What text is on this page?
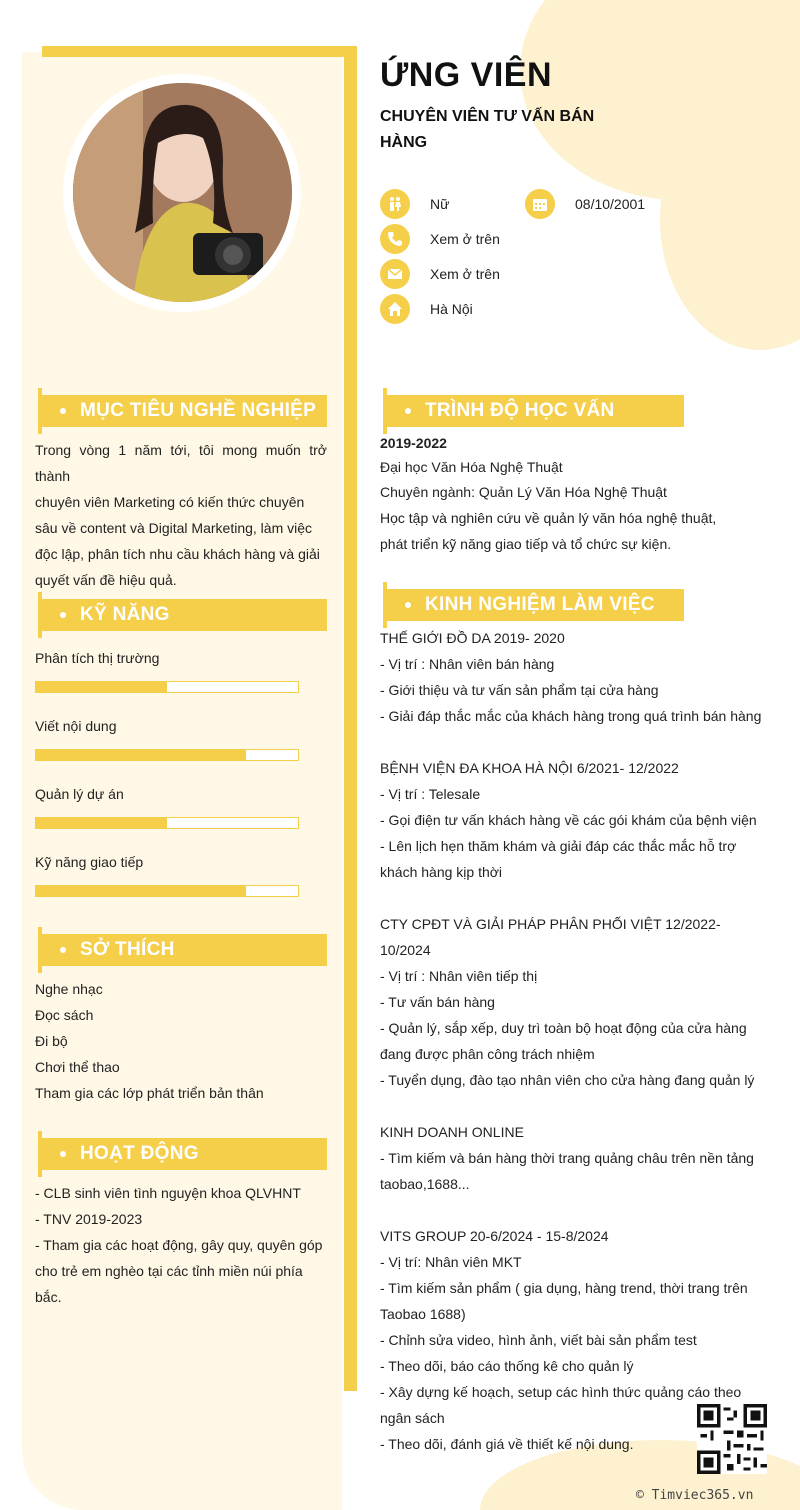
ỨNG VIÊN
CHUYÊN VIÊN TƯ VẤN BÁN
HÀNG
Nữ	08/10/2001
Xem ở trên
Xem ở trên
Hà Nội
MỤC TIÊU NGHỀ NGHIỆP
Trong vòng 1 năm tới, tôi mong muốn trở thành
chuyên viên Marketing có kiến thức chuyên
sâu về content và Digital Marketing, làm việc
độc lập, phân tích nhu cầu khách hàng và giải
quyết vấn đề hiệu quả.
KỸ NĂNG
Phân tích thị trường
Viết nội dung
Quản lý dự án
Kỹ năng giao tiếp
SỞ THÍCH
Nghe nhạc
Đọc sách
Đi bộ
Chơi thể thao
Tham gia các lớp phát triển bản thân
HOẠT ĐỘNG
- CLB sinh viên tình nguyện khoa QLVHNT
- TNV 2019-2023
- Tham gia các hoạt động, gây quy, quyên góp
cho trẻ em nghèo tại các tỉnh miền núi phía
bắc.
TRÌNH ĐỘ HỌC VẤN
2019-2022
Đại học Văn Hóa Nghệ Thuật
Chuyên ngành: Quản Lý Văn Hóa Nghệ Thuật
Học tập và nghiên cứu về quản lý văn hóa nghệ thuật,
phát triển kỹ năng giao tiếp và tổ chức sự kiện.
KINH NGHIỆM LÀM VIỆC
THẾ GIỚI ĐỒ DA 2019- 2020
- Vị trí : Nhân viên bán hàng
- Giới thiệu và tư vấn sản phẩm tại cửa hàng
- Giải đáp thắc mắc của khách hàng trong quá trình bán hàng
BỆNH VIỆN ĐA KHOA HÀ NỘI 6/2021- 12/2022
- Vị trí : Telesale
- Gọi điện tư vấn khách hàng về các gói khám của bệnh viện
- Lên lịch hẹn thăm khám và giải đáp các thắc mắc hỗ trợ
khách hàng kịp thời
CTY CPĐT VÀ GIẢI PHÁP PHÂN PHỐI VIỆT 12/2022-10/2024
- Vị trí : Nhân viên tiếp thị
- Tư vấn bán hàng
- Quản lý, sắp xếp, duy trì toàn bộ hoạt động của cửa hàng
đang được phân công trách nhiệm
- Tuyển dụng, đào tạo nhân viên cho cửa hàng đang quản lý
KINH DOANH ONLINE
- Tìm kiếm và bán hàng thời trang quảng châu trên nền tảng
taobao,1688...
VITS GROUP 20-6/2024 - 15-8/2024
- Vị trí: Nhân viên MKT
- Tìm kiếm sản phẩm ( gia dụng, hàng trend, thời trang trên
Taobao 1688)
- Chỉnh sửa video, hình ảnh, viết bài sản phẩm test
- Theo dõi, báo cáo thống kê cho quản lý
- Xây dựng kế hoạch, setup các hình thức quảng cáo theo
ngân sách
- Theo dõi, đánh giá về thiết kế nội dung.
© Timviec365.vn
